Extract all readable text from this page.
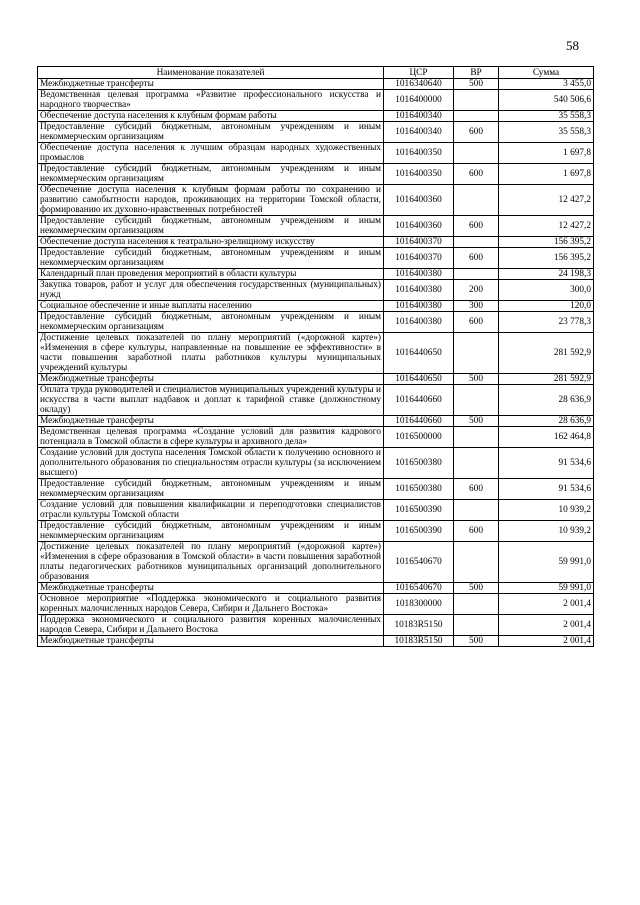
58
Наименование показателей	ЦСР	ВР	Сумма
Межбюджетные трансферты	1016340640	500	3 455,0
Ведомственная целевая программа «Развитие профессионального искусства и народного творчества»	1016400000		540 506,6
Обеспечение доступа населения к клубным формам работы	1016400340		35 558,3
Предоставление субсидий бюджетным, автономным учреждениям и иным некоммерческим организациям	1016400340	600	35 558,3
Обеспечение доступа населения к лучшим образцам народных художественных промыслов	1016400350		1 697,8
Предоставление субсидий бюджетным, автономным учреждениям и иным некоммерческим организациям	1016400350	600	1 697,8
Обеспечение доступа населения к клубным формам работы по сохранению и развитию самобытности народов, проживающих на территории Томской области, формированию их духовно-нравственных потребностей	1016400360		12 427,2
Предоставление субсидий бюджетным, автономным учреждениям и иным некоммерческим организациям	1016400360	600	12 427,2
Обеспечение доступа населения к театрально-зрелищному искусству	1016400370		156 395,2
Предоставление субсидий бюджетным, автономным учреждениям и иным некоммерческим организациям	1016400370	600	156 395,2
Календарный план проведения мероприятий в области культуры	1016400380		24 198,3
Закупка товаров, работ и услуг для обеспечения государственных (муниципальных) нужд	1016400380	200	300,0
Социальное обеспечение и иные выплаты населению	1016400380	300	120,0
Предоставление субсидий бюджетным, автономным учреждениям и иным некоммерческим организациям	1016400380	600	23 778,3
Достижение целевых показателей по плану мероприятий («дорожной карте») «Изменения в сфере культуры, направленные на повышение ее эффективности» в части повышения заработной платы работников культуры муниципальных учреждений культуры	1016440650		281 592,9
Межбюджетные трансферты	1016440650	500	281 592,9
Оплата труда руководителей и специалистов муниципальных учреждений культуры и искусства в части выплат надбавок и доплат к тарифной ставке (должностному окладу)	1016440660		28 636,9
Межбюджетные трансферты	1016440660	500	28 636,9
Ведомственная целевая программа «Создание условий для развития кадрового потенциала в Томской области в сфере культуры и архивного дела»	1016500000		162 464,8
Создание условий для доступа населения Томской области к получению основного и дополнительного образования по специальностям отрасли культуры (за исключением высшего)	1016500380		91 534,6
Предоставление субсидий бюджетным, автономным учреждениям и иным некоммерческим организациям	1016500380	600	91 534,6
Создание условий для повышения квалификации и переподготовки специалистов отрасли культуры Томской области	1016500390		10 939,2
Предоставление субсидий бюджетным, автономным учреждениям и иным некоммерческим организациям	1016500390	600	10 939,2
Достижение целевых показателей по плану мероприятий («дорожной карте») «Изменения в сфере образования в Томской области» в части повышения заработной платы педагогических работников муниципальных организаций дополнительного образования	1016540670		59 991,0
Межбюджетные трансферты	1016540670	500	59 991,0
Основное мероприятие «Поддержка экономического и социального развития коренных малочисленных народов Севера, Сибири и Дальнего Востока»	1018300000		2 001,4
Поддержка экономического и социального развития коренных малочисленных народов Севера, Сибири и Дальнего Востока	10183R5150		2 001,4
Межбюджетные трансферты	10183R5150	500	2 001,4
